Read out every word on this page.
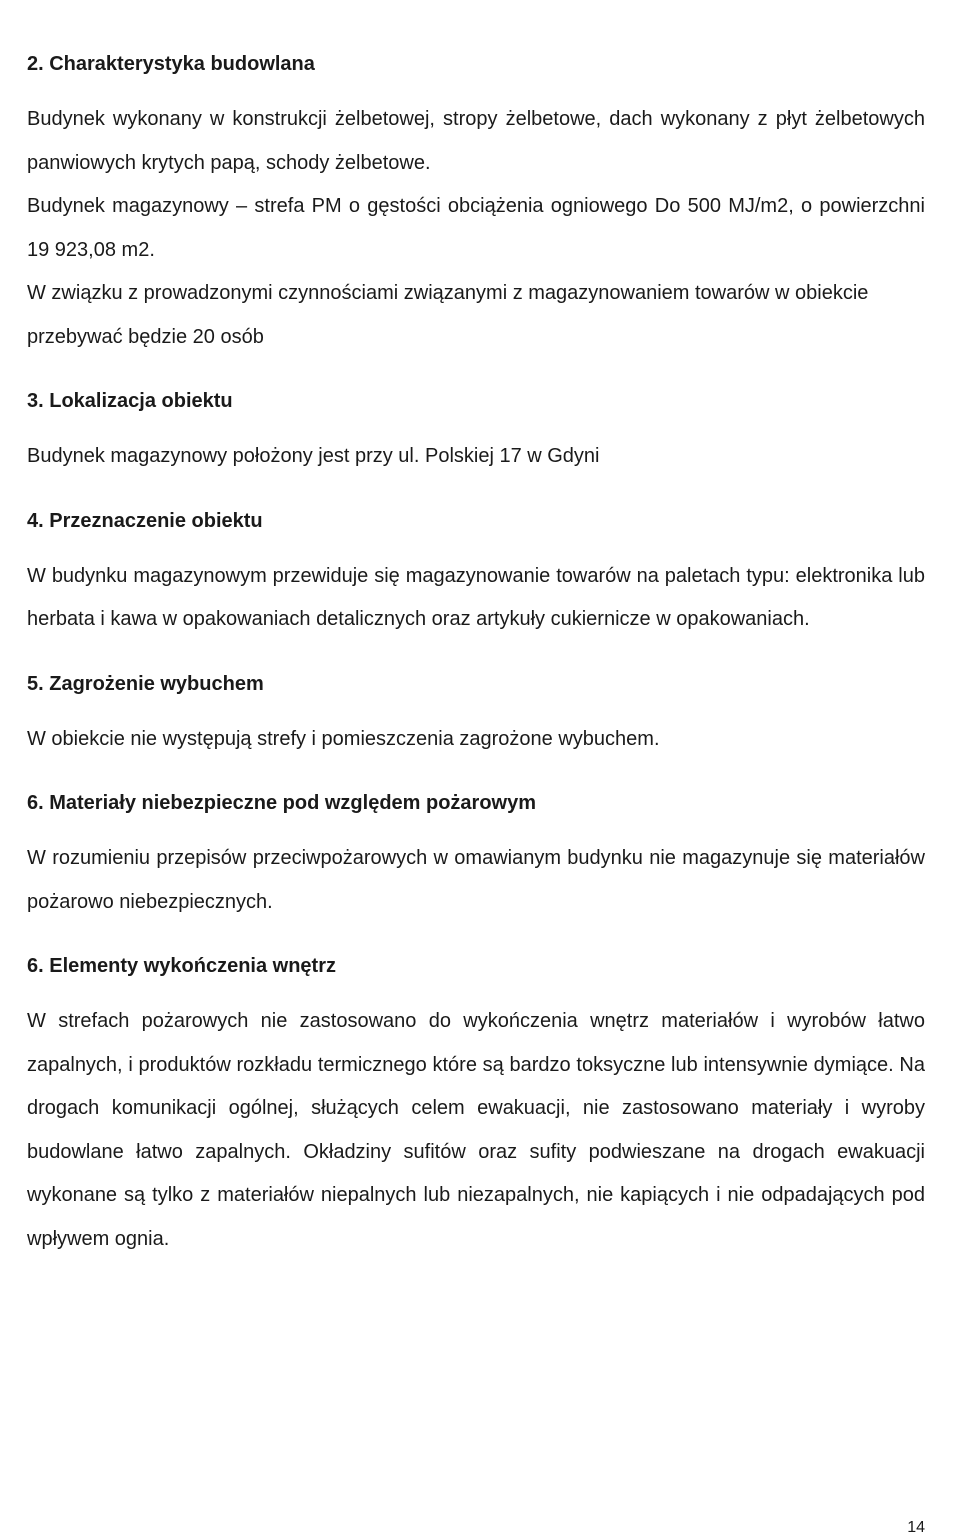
2. Charakterystyka budowlana

Budynek wykonany w konstrukcji żelbetowej, stropy żelbetowe, dach wykonany z płyt żelbetowych panwiowych krytych papą, schody żelbetowe.

Budynek magazynowy – strefa PM o gęstości obciążenia ogniowego Do 500 MJ/m2, o powierzchni 19 923,08 m2.

W związku z prowadzonymi czynnościami związanymi z magazynowaniem towarów w obiekcie przebywać będzie 20 osób

3. Lokalizacja obiektu

Budynek magazynowy położony jest przy ul. Polskiej 17 w Gdyni

4. Przeznaczenie obiektu

W budynku magazynowym przewiduje się magazynowanie towarów na paletach typu: elektronika lub herbata i kawa w opakowaniach detalicznych oraz artykuły cukiernicze w opakowaniach.

5. Zagrożenie wybuchem

W obiekcie nie występują strefy i pomieszczenia zagrożone wybuchem.

6. Materiały niebezpieczne pod względem pożarowym

W rozumieniu przepisów przeciwpożarowych w omawianym budynku nie magazynuje się materiałów pożarowo niebezpiecznych.

6. Elementy wykończenia wnętrz

W strefach pożarowych nie zastosowano do wykończenia wnętrz materiałów i wyrobów łatwo zapalnych, i produktów rozkładu termicznego które są bardzo toksyczne lub intensywnie dymiące. Na drogach komunikacji ogólnej, służących celem ewakuacji, nie zastosowano materiały i wyroby budowlane łatwo zapalnych. Okładziny sufitów oraz sufity podwieszane na drogach ewakuacji wykonane są tylko z materiałów niepalnych lub niezapalnych, nie kapiących i nie odpadających pod wpływem ognia.

14
